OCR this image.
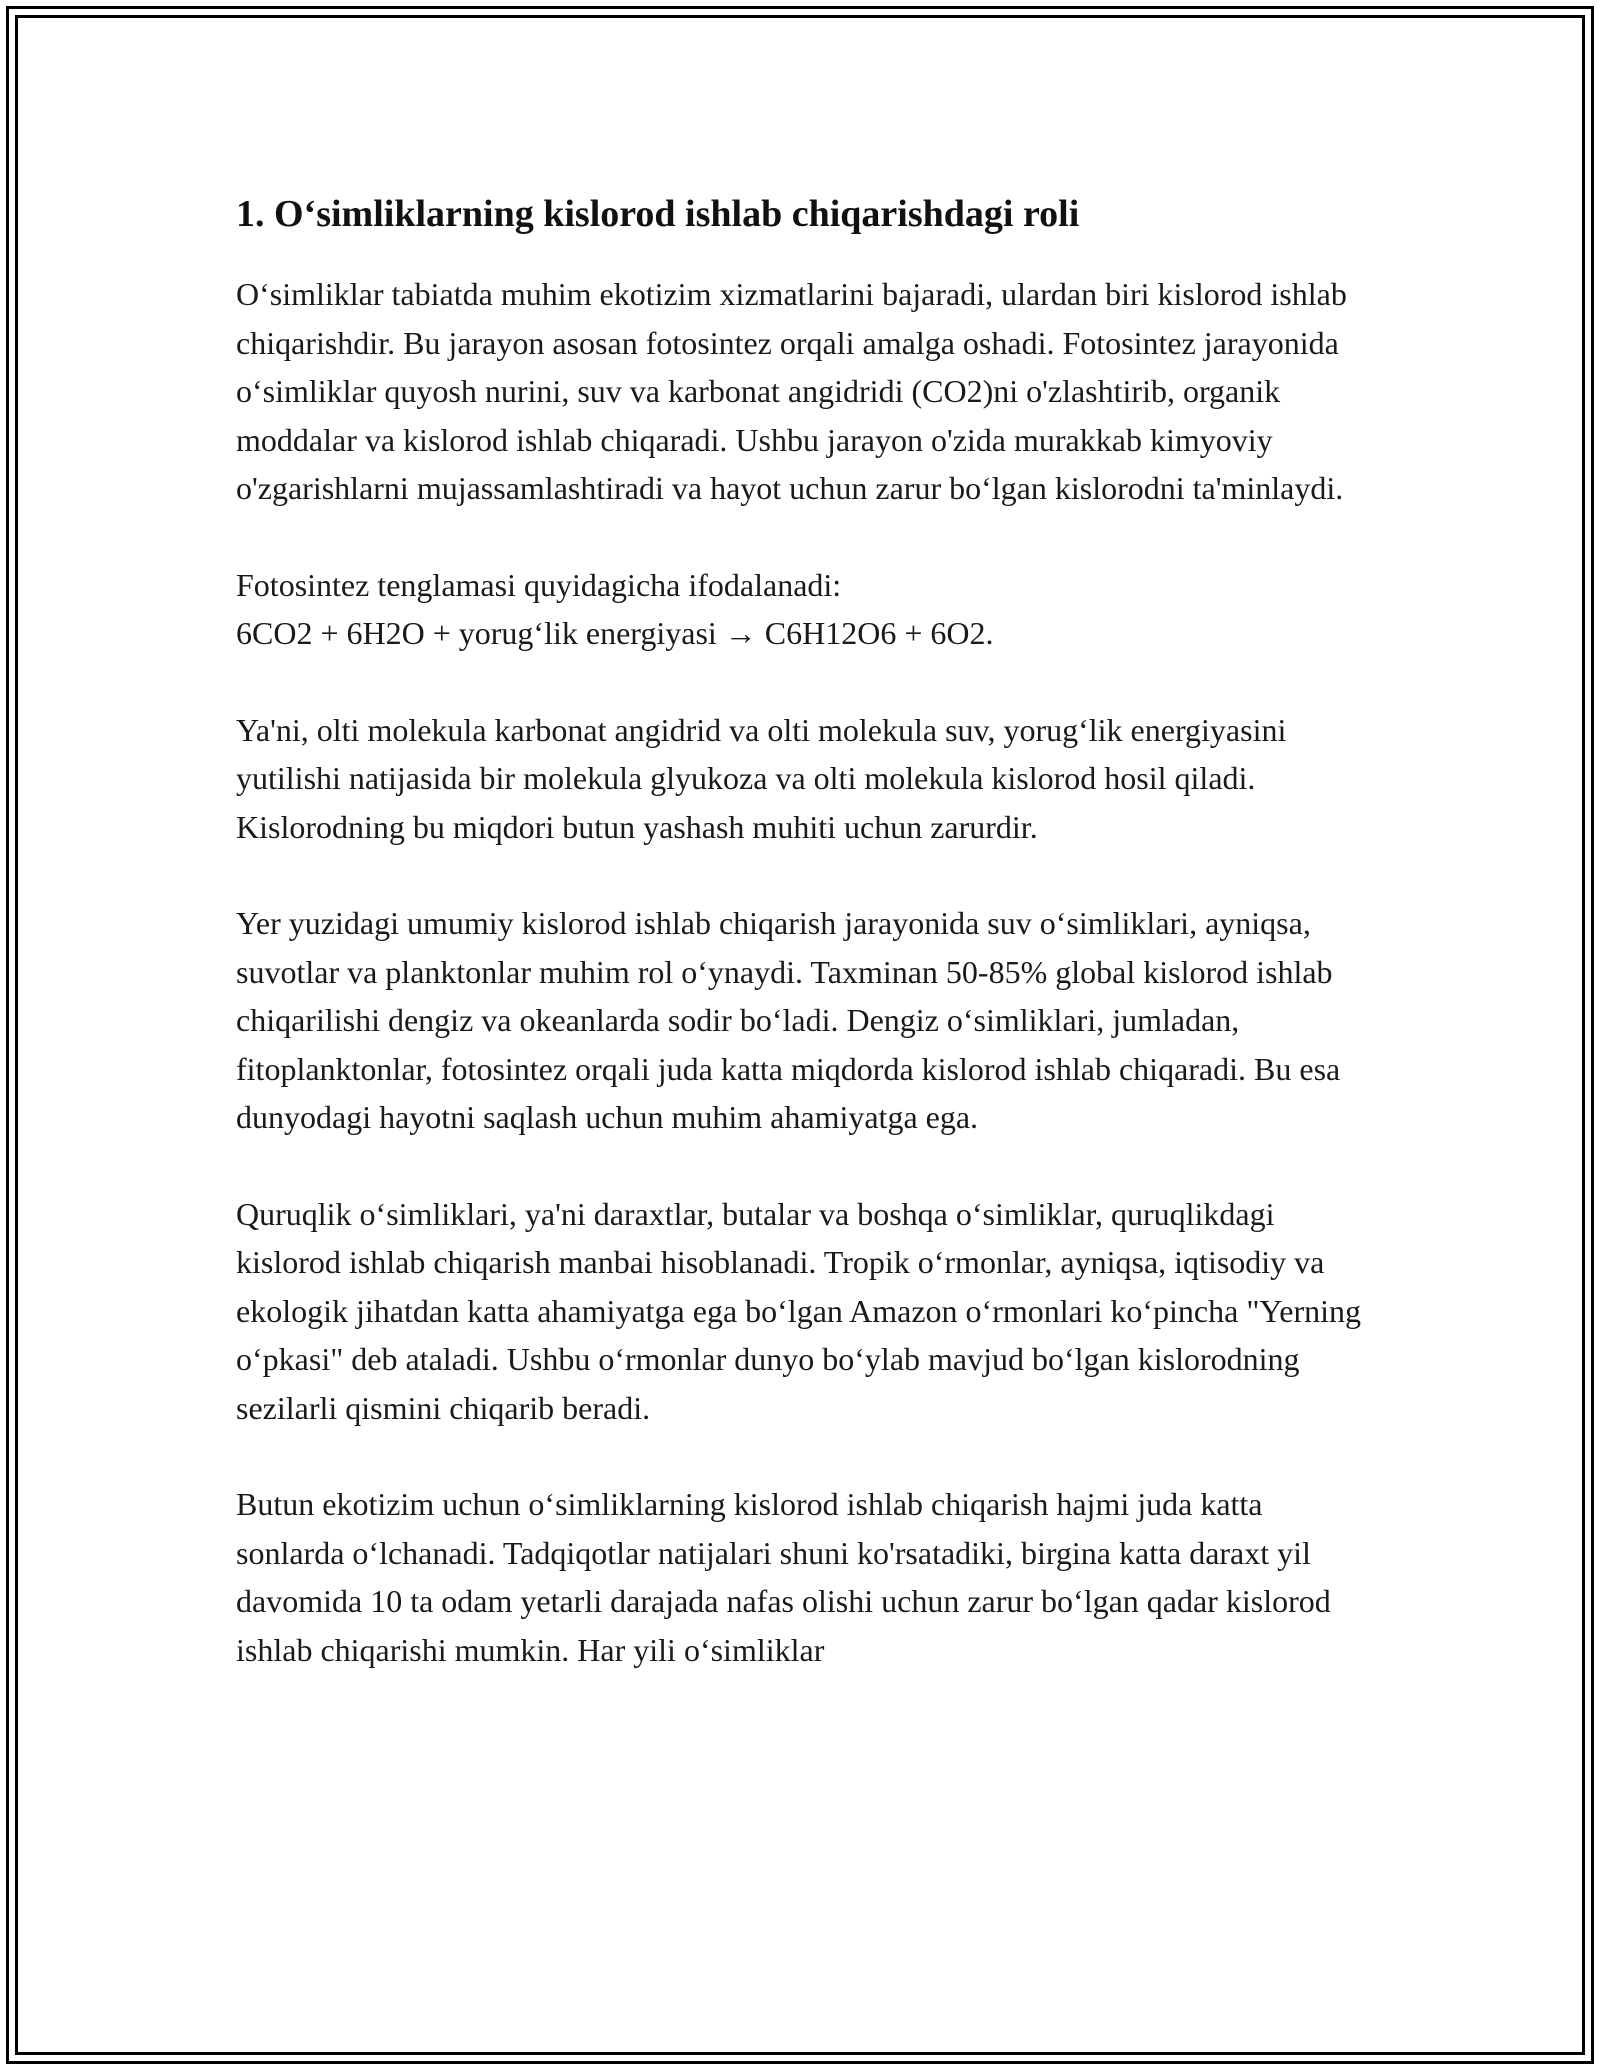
1. O‘simliklarning kislorod ishlab chiqarishdagi roli

O‘simliklar tabiatda muhim ekotizim xizmatlarini bajaradi, ulardan biri kislorod ishlab chiqarishdir. Bu jarayon asosan fotosintez orqali amalga oshadi. Fotosintez jarayonida o‘simliklar quyosh nurini, suv va karbonat angidridi (CO2)ni o'zlashtirib, organik moddalar va kislorod ishlab chiqaradi. Ushbu jarayon o'zida murakkab kimyoviy o'zgarishlarni mujassamlashtiradi va hayot uchun zarur bo‘lgan kislorodni ta'minlaydi.

Fotosintez tenglamasi quyidagicha ifodalanadi:
6CO2 + 6H2O + yorug‘lik energiyasi → C6H12O6 + 6O2.

Ya'ni, olti molekula karbonat angidrid va olti molekula suv, yorug‘lik energiyasini yutilishi natijasida bir molekula glyukoza va olti molekula kislorod hosil qiladi. Kislorodning bu miqdori butun yashash muhiti uchun zarurdir.

Yer yuzidagi umumiy kislorod ishlab chiqarish jarayonida suv o‘simliklari, ayniqsa, suvotlar va planktonlar muhim rol o‘ynaydi. Taxminan 50-85% global kislorod ishlab chiqarilishi dengiz va okeanlarda sodir bo‘ladi. Dengiz o‘simliklari, jumladan, fitoplanktonlar, fotosintez orqali juda katta miqdorda kislorod ishlab chiqaradi. Bu esa dunyodagi hayotni saqlash uchun muhim ahamiyatga ega.

Quruqlik o‘simliklari, ya'ni daraxtlar, butalar va boshqa o‘simliklar, quruqlikdagi kislorod ishlab chiqarish manbai hisoblanadi. Tropik o‘rmonlar, ayniqsa, iqtisodiy va ekologik jihatdan katta ahamiyatga ega bo‘lgan Amazon o‘rmonlari ko‘pincha "Yerning o‘pkasi" deb ataladi. Ushbu o‘rmonlar dunyo bo‘ylab mavjud bo‘lgan kislorodning sezilarli qismini chiqarib beradi.

Butun ekotizim uchun o‘simliklarning kislorod ishlab chiqarish hajmi juda katta sonlarda o‘lchanadi. Tadqiqotlar natijalari shuni ko'rsatadiki, birgina katta daraxt yil davomida 10 ta odam yetarli darajada nafas olishi uchun zarur bo‘lgan qadar kislorod ishlab chiqarishi mumkin. Har yili o‘simliklar
